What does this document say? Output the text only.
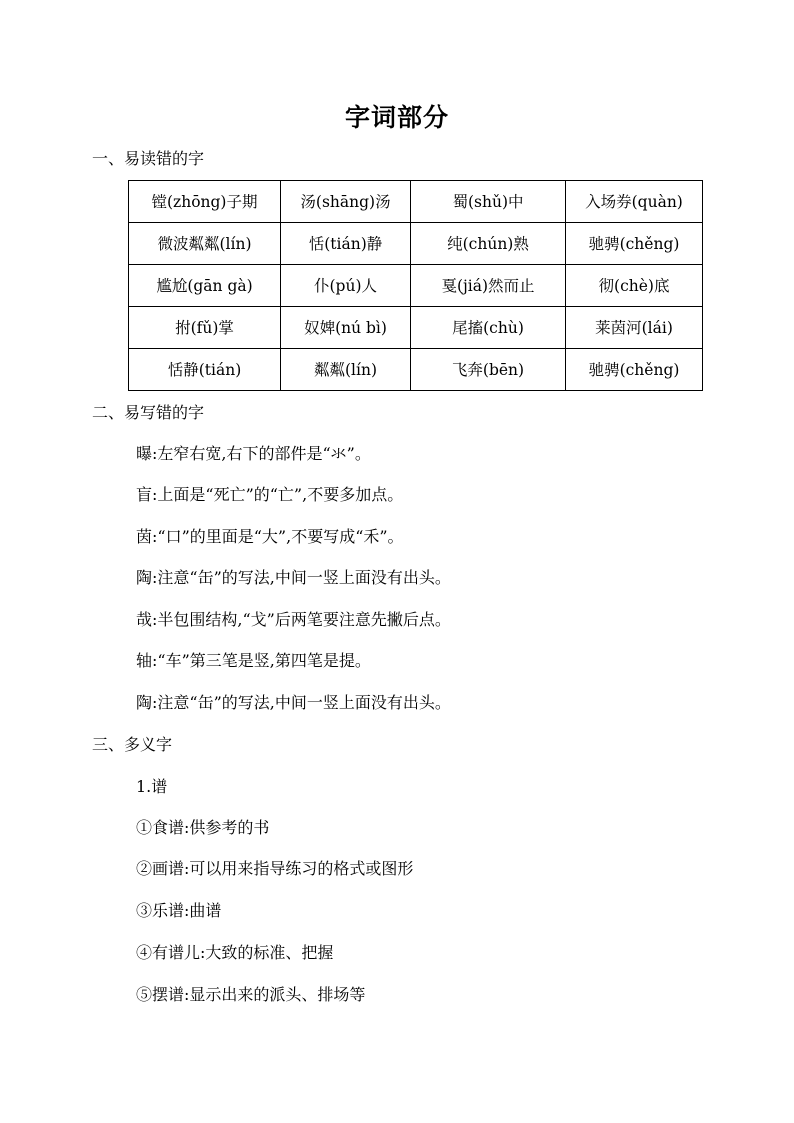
字词部分
一、易读错的字
镗(zhōng)子期	汤(shāng)汤	蜀(shǔ)中	入场券(quàn)
微波粼粼(lín)	恬(tián)静	纯(chún)熟	驰骋(chěng)
尴尬(gān gà)	仆(pú)人	戛(jiá)然而止	彻(chè)底
拊(fǔ)掌	奴婢(nú bì)	尾搐(chù)	莱茵河(lái)
恬静(tián)	粼粼(lín)	飞奔(bēn)	驰骋(chěng)
二、易写错的字
曝:左窄右宽,右下的部件是“氺”。
盲:上面是“死亡”的“亡”,不要多加点。
茵:“口”的里面是“大”,不要写成“禾”。
陶:注意“缶”的写法,中间一竖上面没有出头。
哉:半包围结构,“戈”后两笔要注意先撇后点。
轴:“车”第三笔是竖,第四笔是提。
陶:注意“缶”的写法,中间一竖上面没有出头。
三、多义字
1.谱
①食谱:供参考的书
②画谱:可以用来指导练习的格式或图形
③乐谱:曲谱
④有谱儿:大致的标准、把握
⑤摆谱:显示出来的派头、排场等
